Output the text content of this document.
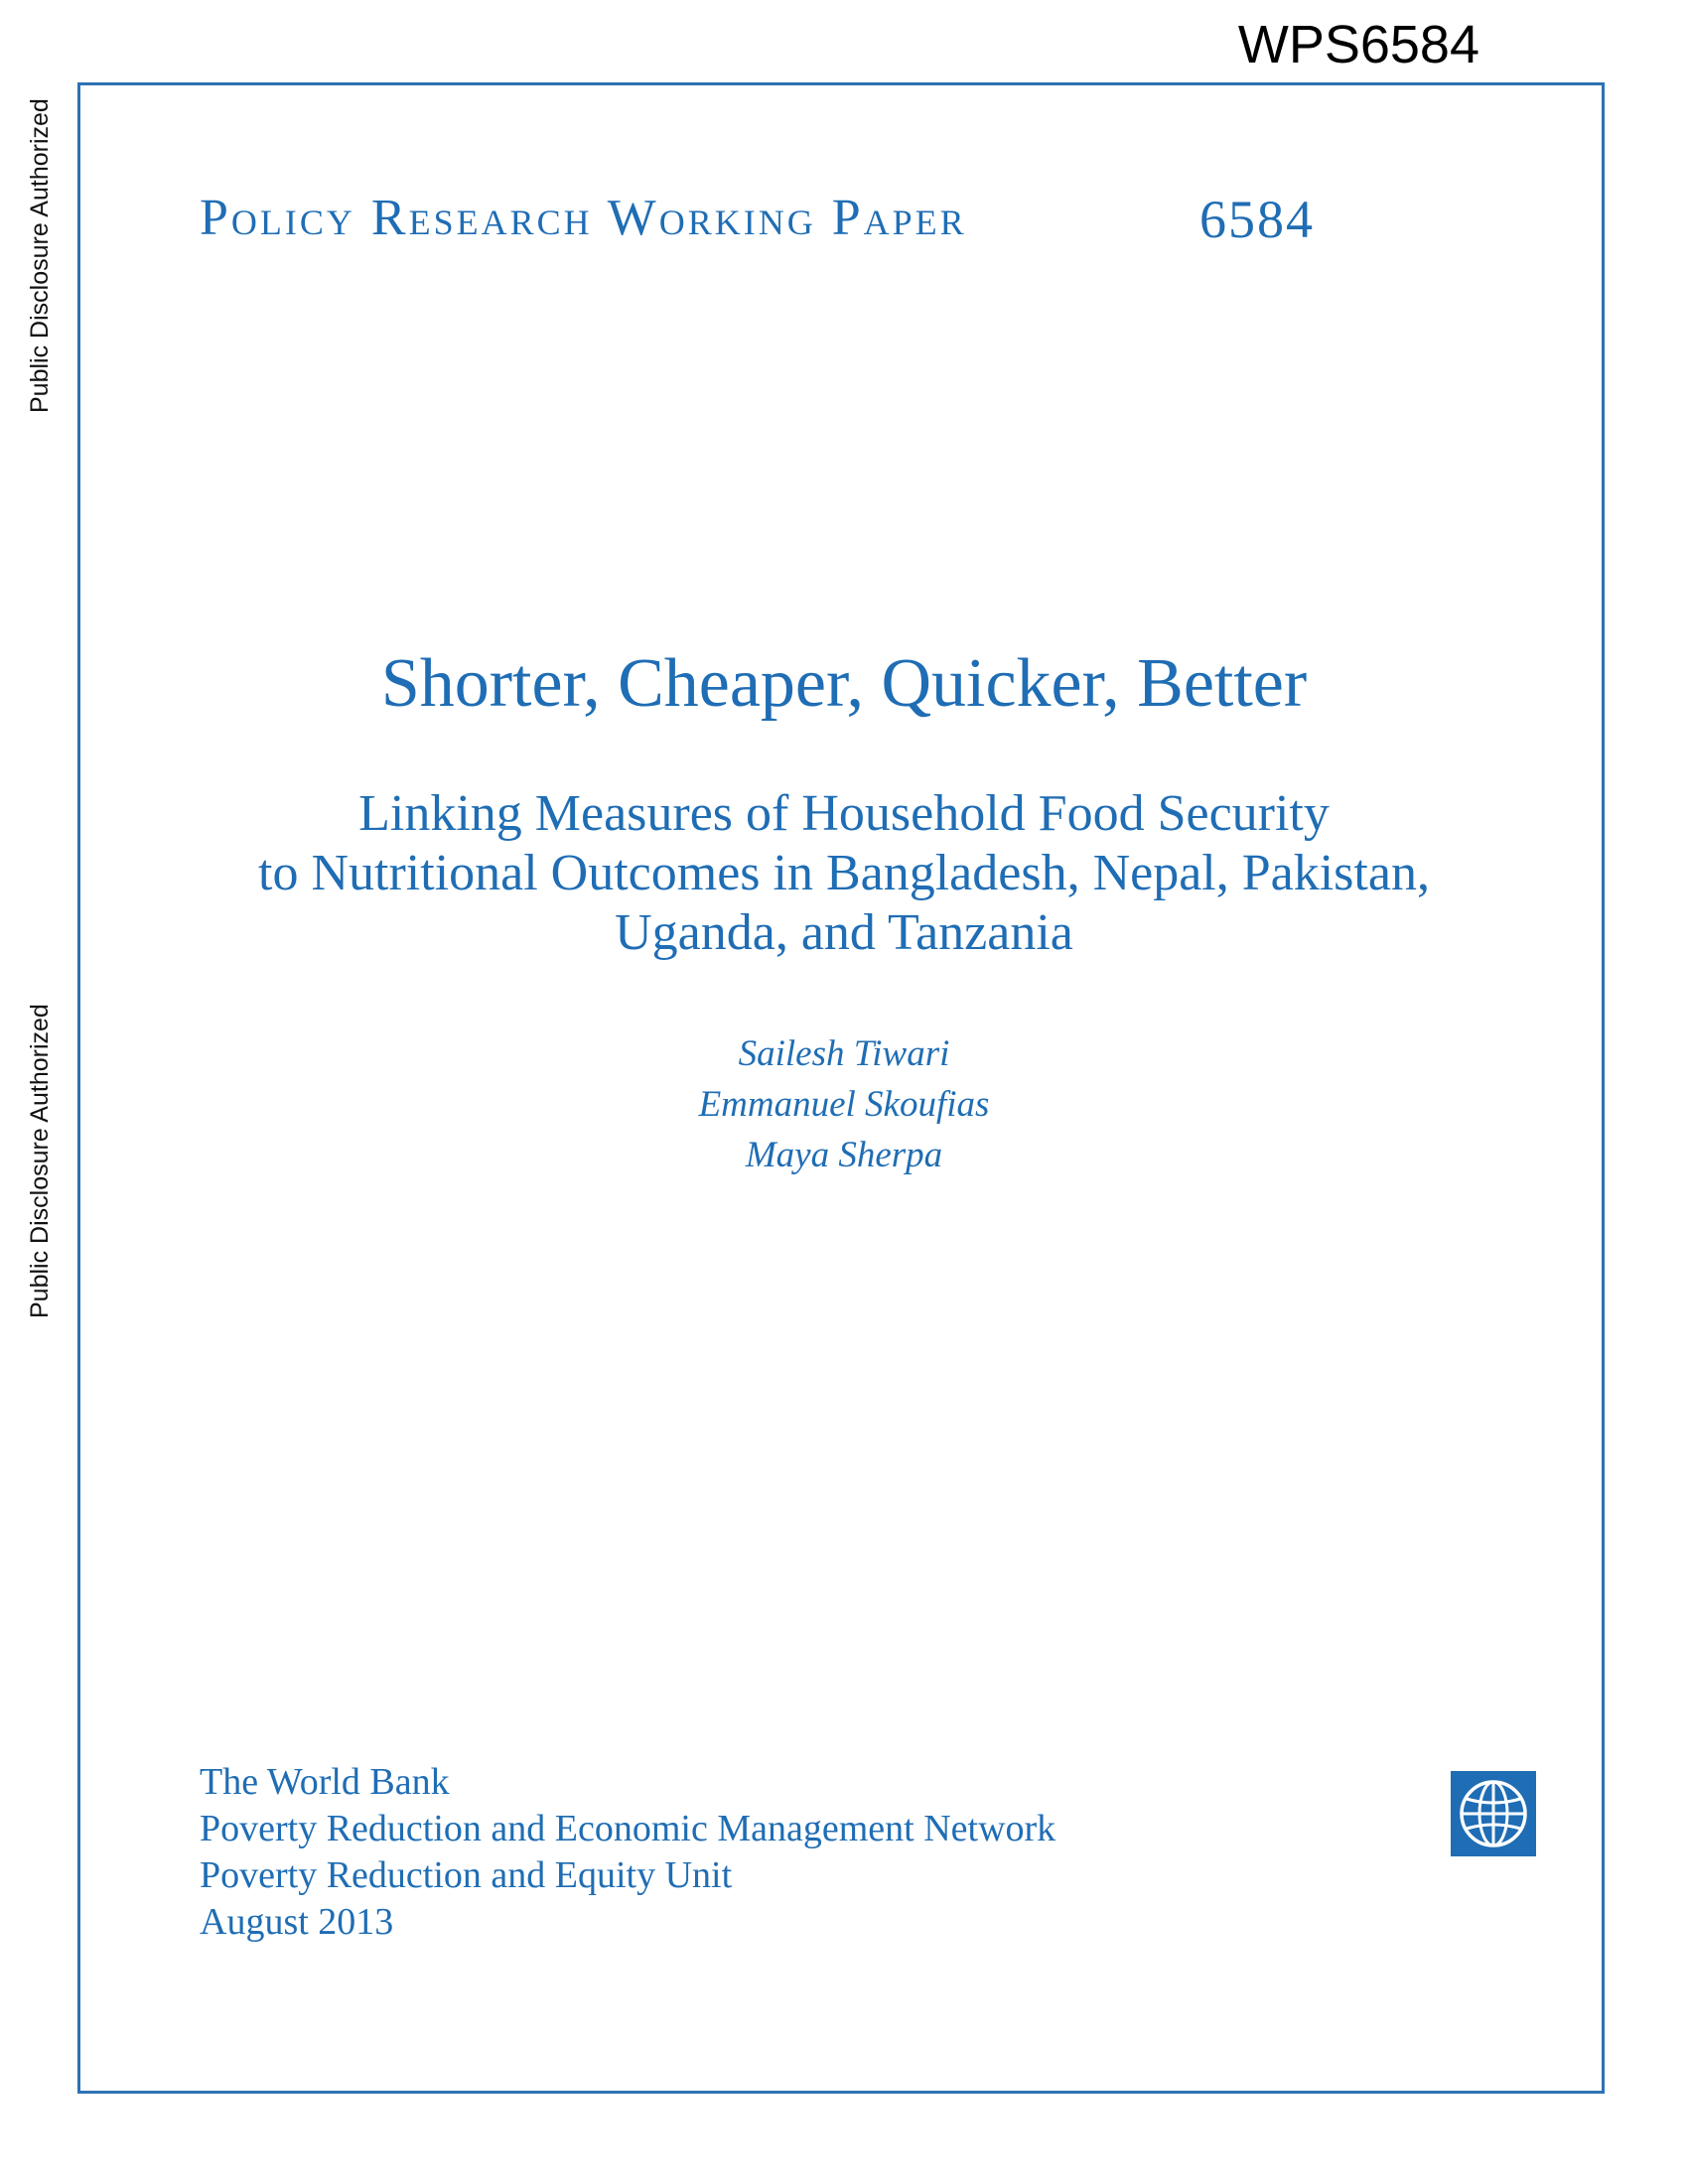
WPS6584
Public Disclosure Authorized
Public Disclosure Authorized
Policy Research Working Paper	6584
Shorter, Cheaper, Quicker, Better
Linking Measures of Household Food Security
to Nutritional Outcomes in Bangladesh, Nepal, Pakistan,
Uganda, and Tanzania
Sailesh Tiwari
Emmanuel Skoufias
Maya Sherpa
The World Bank
Poverty Reduction and Economic Management Network
Poverty Reduction and Equity Unit
August 2013
